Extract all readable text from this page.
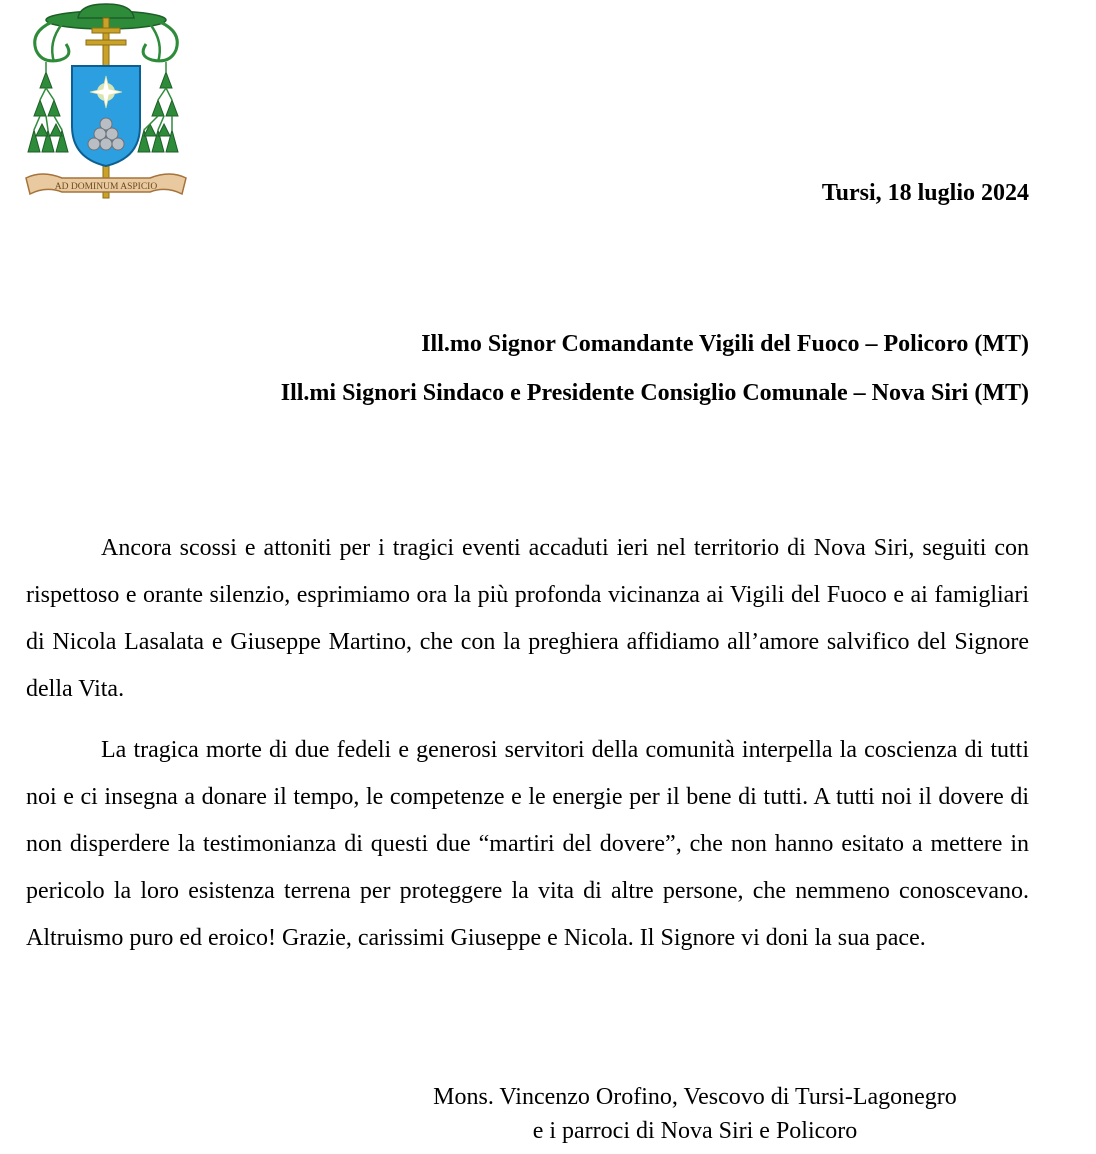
AD DOMINUM ASPICIO	Tursi, 18 luglio 2024
Ill.mo Signor Comandante Vigili del Fuoco – Policoro (MT)
Ill.mi Signori Sindaco e Presidente Consiglio Comunale – Nova Siri (MT)

Ancora scossi e attoniti per i tragici eventi accaduti ieri nel territorio di Nova Siri, seguiti con rispettoso e orante silenzio, esprimiamo ora la più profonda vicinanza ai Vigili del Fuoco e ai famigliari di Nicola Lasalata e Giuseppe Martino, che con la preghiera affidiamo all’amore salvifico del Signore della Vita.

La tragica morte di due fedeli e generosi servitori della comunità interpella la coscienza di tutti noi e ci insegna a donare il tempo, le competenze e le energie per il bene di tutti. A tutti noi il dovere di non disperdere la testimonianza di questi due “martiri del dovere”, che non hanno esitato a mettere in pericolo la loro esistenza terrena per proteggere la vita di altre persone, che nemmeno conoscevano. Altruismo puro ed eroico! Grazie, carissimi Giuseppe e Nicola. Il Signore vi doni la sua pace.

Mons. Vincenzo Orofino, Vescovo di Tursi-Lagonegro
e i parroci di Nova Siri e Policoro
